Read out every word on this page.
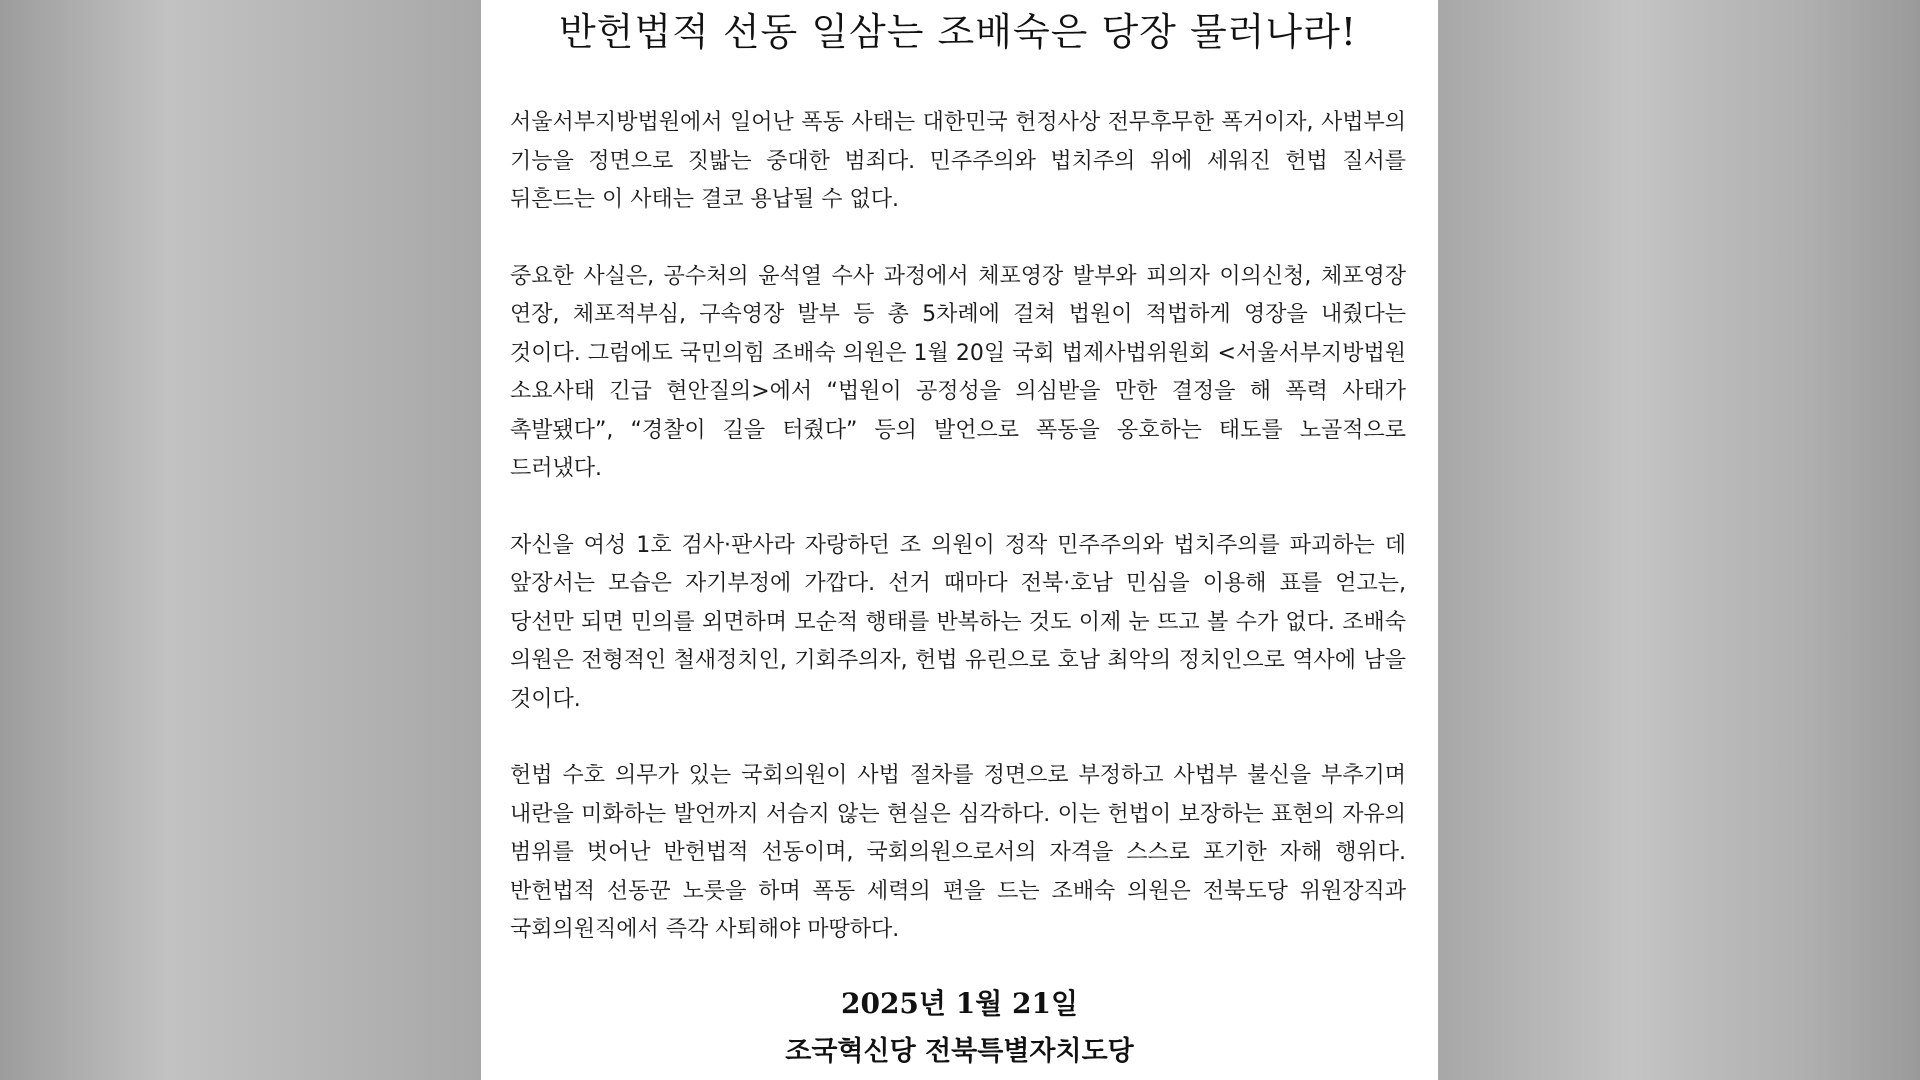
반헌법적 선동 일삼는 조배숙은 당장 물러나라!

서울서부지방법원에서 일어난 폭동 사태는 대한민국 헌정사상 전무후무한 폭거이자, 사법부의 기능을 정면으로 짓밟는 중대한 범죄다. 민주주의와 법치주의 위에 세워진 헌법 질서를 뒤흔드는 이 사태는 결코 용납될 수 없다.

중요한 사실은, 공수처의 윤석열 수사 과정에서 체포영장 발부와 피의자 이의신청, 체포영장 연장, 체포적부심, 구속영장 발부 등 총 5차례에 걸쳐 법원이 적법하게 영장을 내줬다는 것이다. 그럼에도 국민의힘 조배숙 의원은 1월 20일 국회 법제사법위원회 <서울서부지방법원 소요사태 긴급 현안질의>에서 “법원이 공정성을 의심받을 만한 결정을 해 폭력 사태가 촉발됐다”, “경찰이 길을 터줬다” 등의 발언으로 폭동을 옹호하는 태도를 노골적으로 드러냈다.

자신을 여성 1호 검사·판사라 자랑하던 조 의원이 정작 민주주의와 법치주의를 파괴하는 데 앞장서는 모습은 자기부정에 가깝다. 선거 때마다 전북·호남 민심을 이용해 표를 얻고는, 당선만 되면 민의를 외면하며 모순적 행태를 반복하는 것도 이제 눈 뜨고 볼 수가 없다. 조배숙 의원은 전형적인 철새정치인, 기회주의자, 헌법 유린으로 호남 최악의 정치인으로 역사에 남을 것이다.

헌법 수호 의무가 있는 국회의원이 사법 절차를 정면으로 부정하고 사법부 불신을 부추기며 내란을 미화하는 발언까지 서슴지 않는 현실은 심각하다. 이는 헌법이 보장하는 표현의 자유의 범위를 벗어난 반헌법적 선동이며, 국회의원으로서의 자격을 스스로 포기한 자해 행위다. 반헌법적 선동꾼 노릇을 하며 폭동 세력의 편을 드는 조배숙 의원은 전북도당 위원장직과 국회의원직에서 즉각 사퇴해야 마땅하다.

2025년 1월 21일
조국혁신당 전북특별자치도당
